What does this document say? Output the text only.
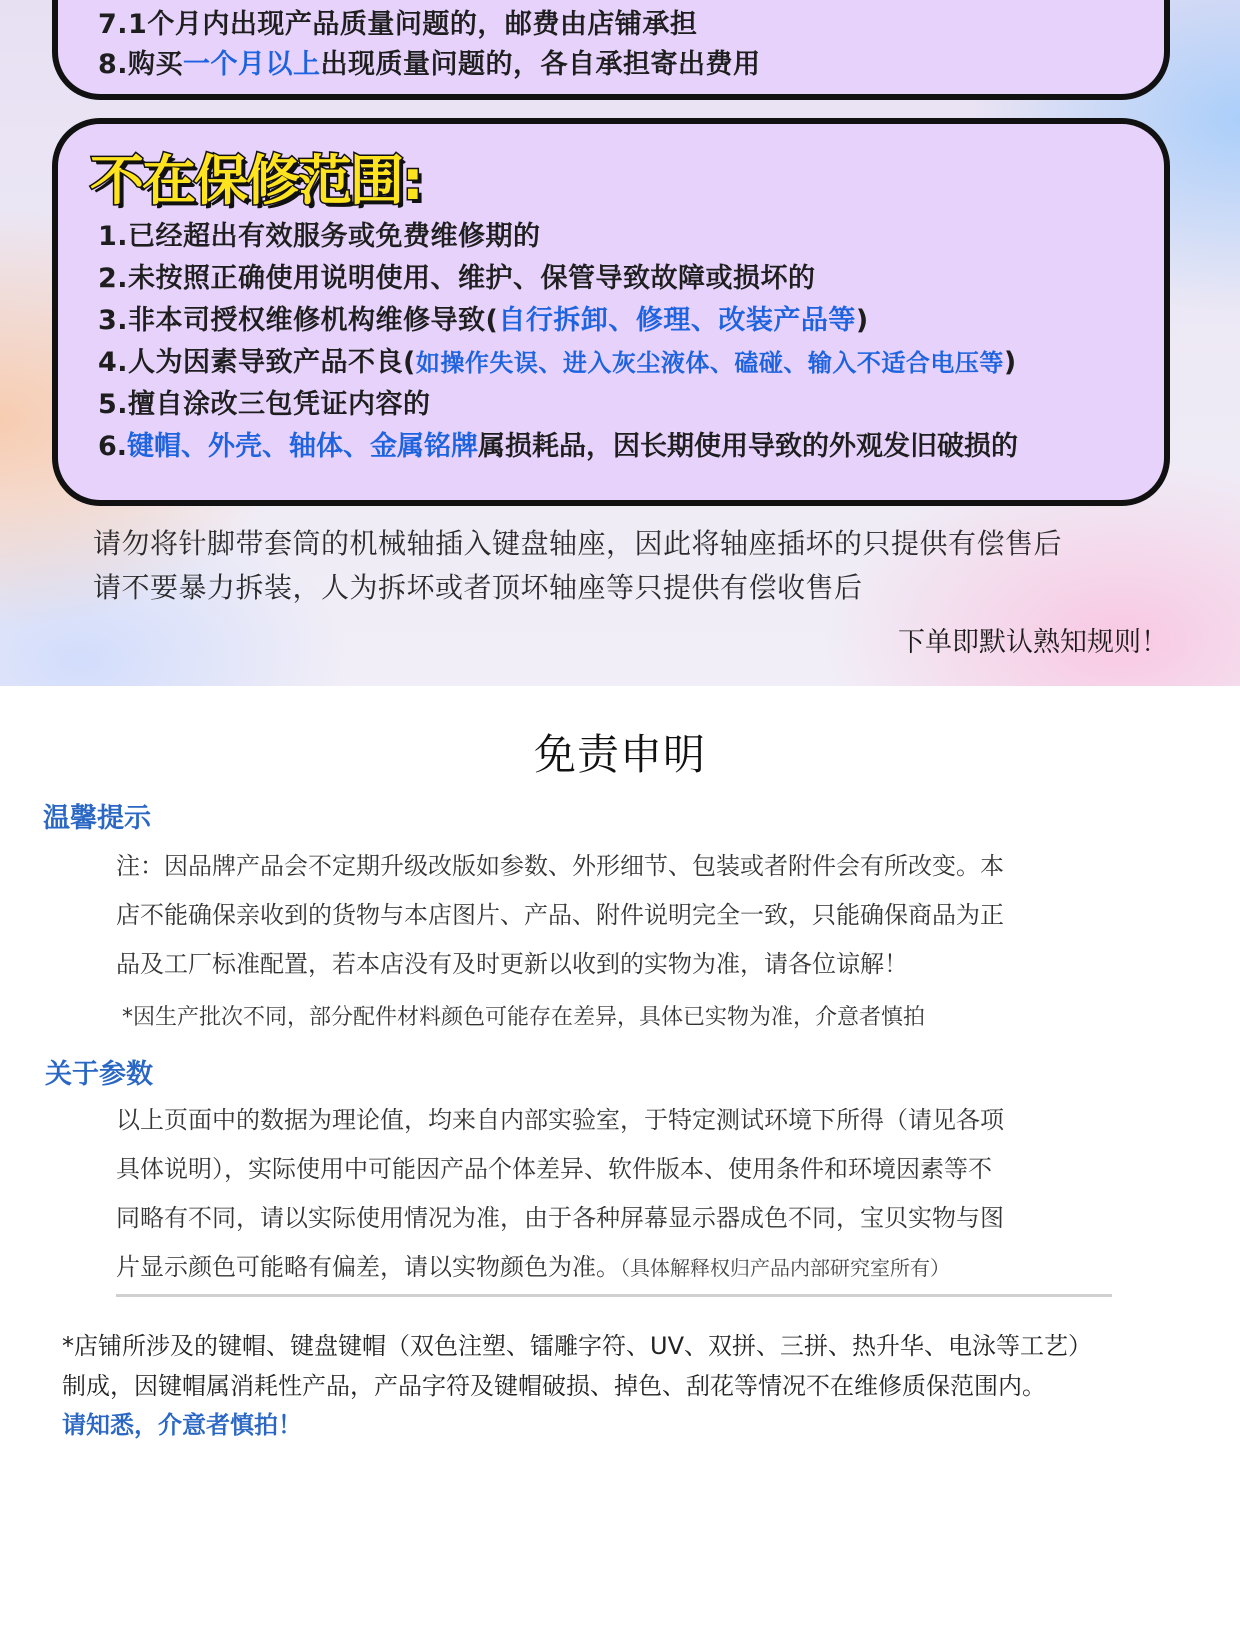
7.1个月内出现产品质量问题的，邮费由店铺承担
8.购买一个月以上出现质量问题的，各自承担寄出费用
不在保修范围:
1.已经超出有效服务或免费维修期的
2.未按照正确使用说明使用、维护、保管导致故障或损坏的
3.非本司授权维修机构维修导致(自行拆卸、修理、改装产品等)
4.人为因素导致产品不良(如操作失误、进入灰尘液体、磕碰、输入不适合电压等)
5.擅自涂改三包凭证内容的
6.键帽、外壳、轴体、金属铭牌属损耗品，因长期使用导致的外观发旧破损的
请勿将针脚带套筒的机械轴插入键盘轴座，因此将轴座插坏的只提供有偿售后
请不要暴力拆装，人为拆坏或者顶坏轴座等只提供有偿收售后
下单即默认熟知规则！
免责申明
温馨提示
注：因品牌产品会不定期升级改版如参数、外形细节、包装或者附件会有所改变。本
店不能确保亲收到的货物与本店图片、产品、附件说明完全一致，只能确保商品为正
品及工厂标准配置，若本店没有及时更新以收到的实物为准，请各位谅解！
*因生产批次不同，部分配件材料颜色可能存在差异，具体已实物为准，介意者慎拍
关于参数
以上页面中的数据为理论值，均来自内部实验室，于特定测试环境下所得（请见各项
具体说明），实际使用中可能因产品个体差异、软件版本、使用条件和环境因素等不
同略有不同，请以实际使用情况为准，由于各种屏幕显示器成色不同，宝贝实物与图
片显示颜色可能略有偏差，请以实物颜色为准。（具体解释权归产品内部研究室所有）
*店铺所涉及的键帽、键盘键帽（双色注塑、镭雕字符、UV、双拼、三拼、热升华、电泳等工艺）
制成，因键帽属消耗性产品，产品字符及键帽破损、掉色、刮花等情况不在维修质保范围内。
请知悉，介意者慎拍！
